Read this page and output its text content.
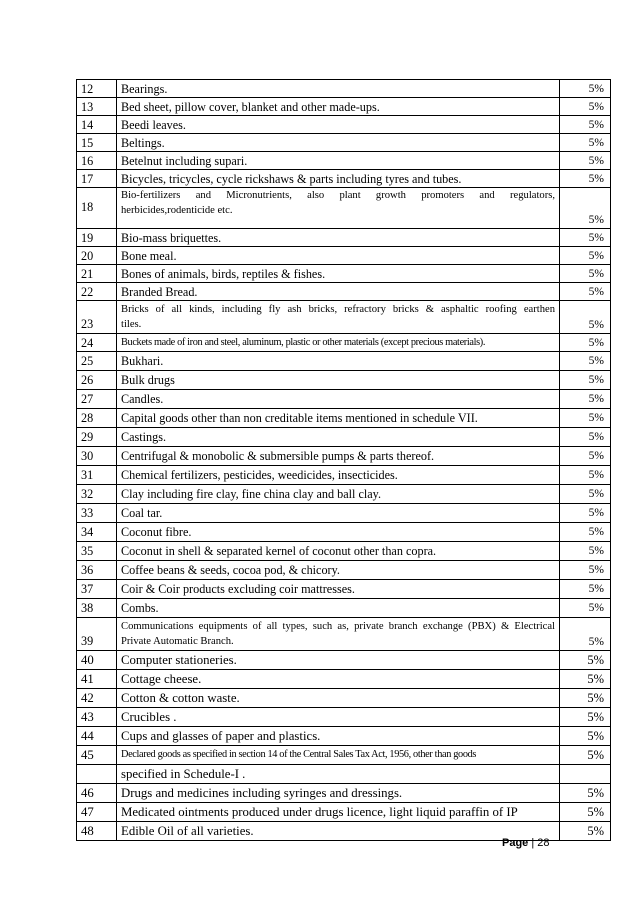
12	Bearings.	5%
13	Bed sheet, pillow cover, blanket and other made-ups.	5%
14	Beedi leaves.	5%
15	Beltings.	5%
16	Betelnut including supari.	5%
17	Bicycles, tricycles, cycle rickshaws & parts including tyres and tubes.	5%
18	Bio-fertilizers and Micronutrients, also plant growth promoters and regulators,
herbicides,rodenticide etc.	5%
19	Bio-mass briquettes.	5%
20	Bone meal.	5%
21	Bones of animals, birds, reptiles & fishes.	5%
22	Branded Bread.	5%
23	Bricks of all kinds, including fly ash bricks, refractory bricks & asphaltic roofing earthen
tiles.	5%
24	Buckets made of iron and steel, aluminum, plastic or other materials (except precious materials).	5%
25	Bukhari.	5%
26	Bulk drugs	5%
27	Candles.	5%
28	Capital goods other than non creditable items mentioned in schedule VII.	5%
29	Castings.	5%
30	Centrifugal & monobolic & submersible pumps & parts thereof.	5%
31	Chemical fertilizers, pesticides, weedicides, insecticides.	5%
32	Clay including fire clay, fine china clay and ball clay.	5%
33	Coal tar.	5%
34	Coconut fibre.	5%
35	Coconut in shell & separated kernel of coconut other than copra.	5%
36	Coffee beans & seeds, cocoa pod, & chicory.	5%
37	Coir & Coir products excluding coir mattresses.	5%
38	Combs.	5%
39	Communications equipments of all types, such as, private branch exchange (PBX) & Electrical
Private Automatic Branch.	5%
40	Computer stationeries.	5%
41	Cottage cheese.	5%
42	Cotton & cotton waste.	5%
43	Crucibles .	5%
44	Cups and glasses of paper and plastics.	5%
45	Declared goods as specified in section 14 of the Central Sales Tax Act, 1956, other than goods	5%
	specified in Schedule-I .	
46	Drugs and medicines including syringes and dressings.	5%
47	Medicated ointments produced under drugs licence, light liquid paraffin of IP	5%
48	Edible Oil of all varieties.	5%
Page | 28
